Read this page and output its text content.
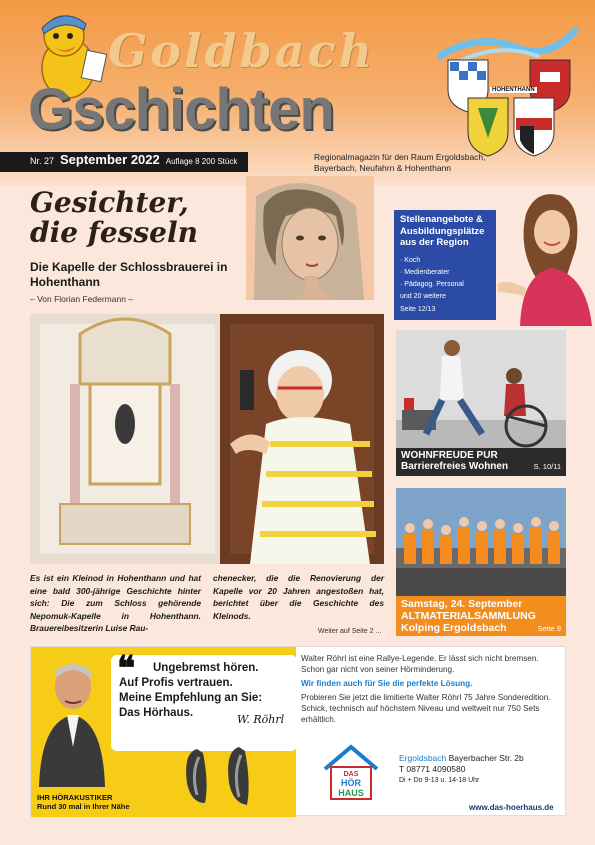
Goldbach
Gschichten	HOHENTHANN
Nr. 27 September 2022 Auflage 8 200 Stück	Regionalmagazin für den Raum Ergoldsbach,
Bayerbach, Neufahrn & Hohenthann
Gesichter,
die fesseln
Die Kapelle der Schlossbrauerei in Hohenthann
– Von Florian Federmann –
Stellenangebote & Ausbildungsplätze aus der Region
· Koch
· Medienberater
· Pädagog. Personal
und 20 weitere
Seite 12/13

Es ist ein Kleinod in Hohenthann und hat eine bald 300-jährige Geschichte hinter sich: Die zum Schloss gehörende Nepomuk-Kapelle in Hohenthann. Brauereibesitzerin Luise Rau-

chenecker, die die Renovierung der Kapelle vor 20 Jahren angestoßen hat, berichtet über die Geschichte des Kleinods.

Weiter auf Seite 2 ...
WOHNFREUDE PUR
Barrierefreies Wohnen	S. 10/11
Samstag, 24. September
ALTMATERIALSAMMLUNG
Kolping Ergoldsbach	Seite 9
❝ Ungebremst hören.
Auf Profis vertrauen.
Meine Empfehlung an Sie:
Das Hörhaus.	W. Röhrl
IHR HÖRAKUSTIKER
Rund 30 mal in Ihrer Nähe

Walter Röhrl ist eine Rallye-Legende. Er lässt sich nicht bremsen. Schon gar nicht von seiner Hörminderung.

Wir finden auch für Sie die perfekte Lösung.

Probieren Sie jetzt die limitierte Walter Röhrl 75 Jahre Sonderedition. Schick, technisch auf höchstem Niveau und weltweit nur 750 Sets erhältlich.

DAS
HÖR
HAUS
Ergoldsbach Bayerbacher Str. 2b
T 08771 4090580
Di + Do 9-13 u. 14-18 Uhr
www.das-hoerhaus.de
